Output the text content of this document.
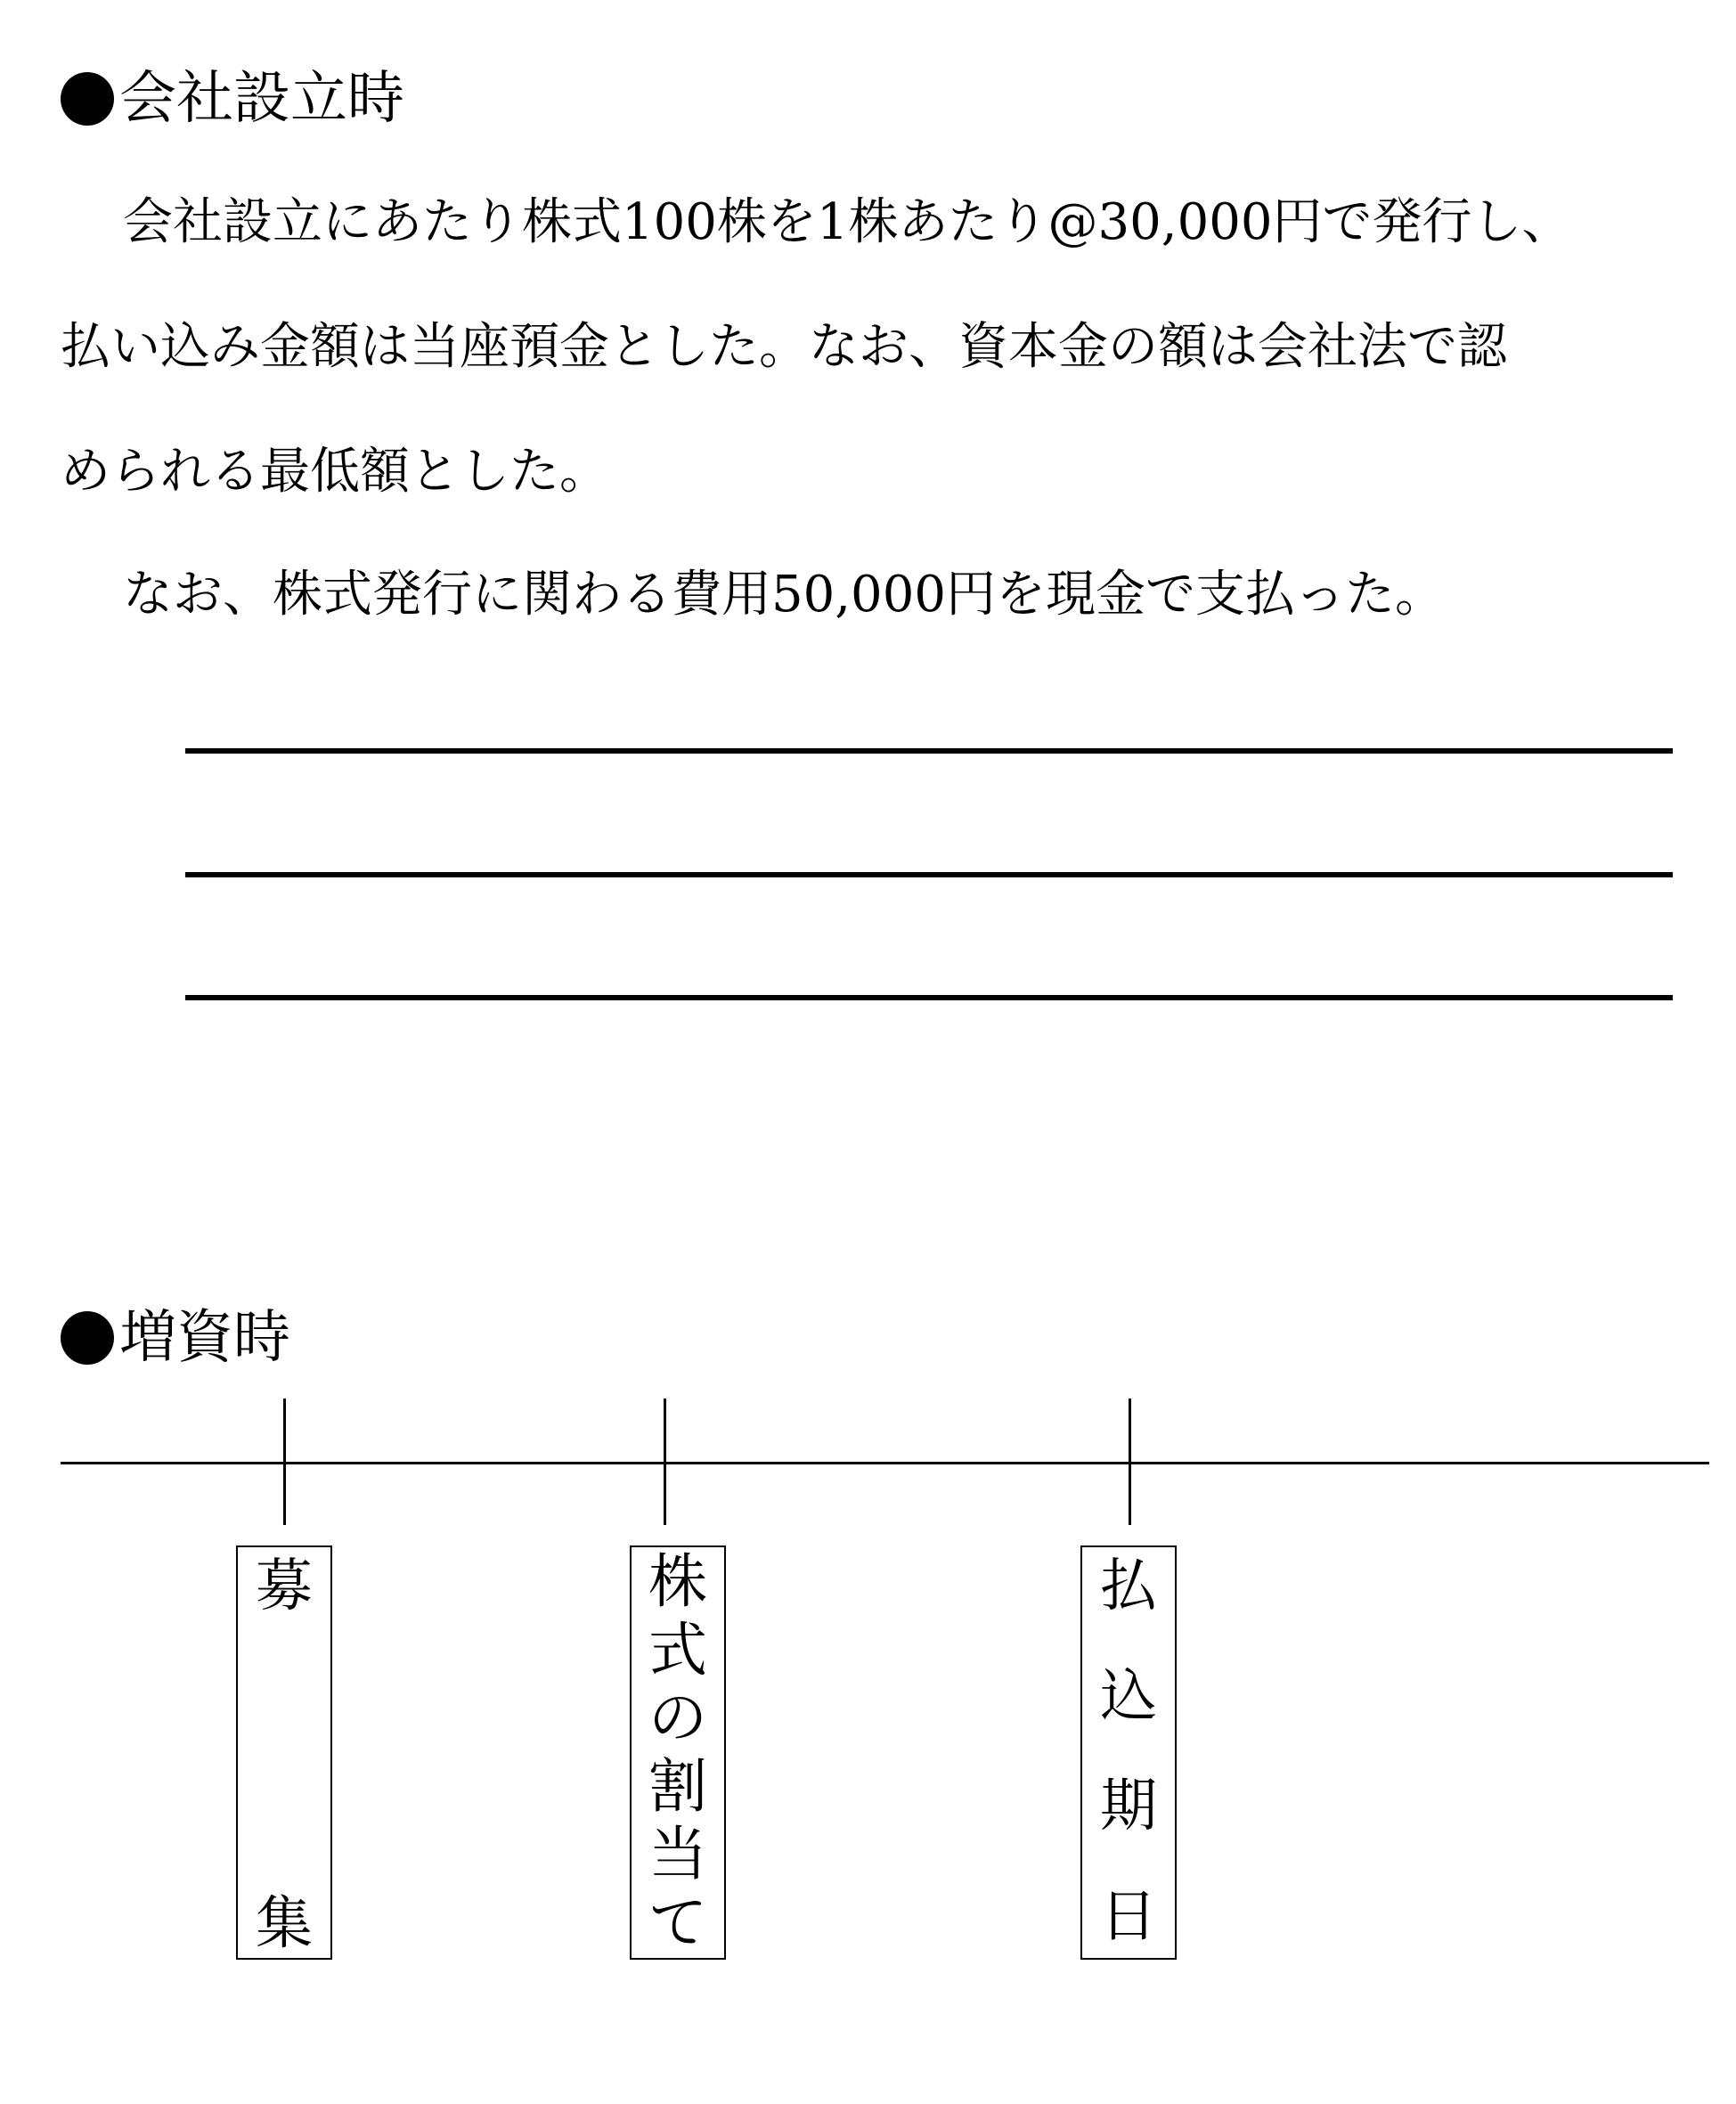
会社設立時
会社設立にあたり株式100株を1株あたり@30,000円で発行し、
払い込み金額は当座預金とした。なお、資本金の額は会社法で認
められる最低額とした。
なお、株式発行に関わる費用50,000円を現金で支払った。
増資時
募
集
株
式
の
割
当
て
払
込
期
日
